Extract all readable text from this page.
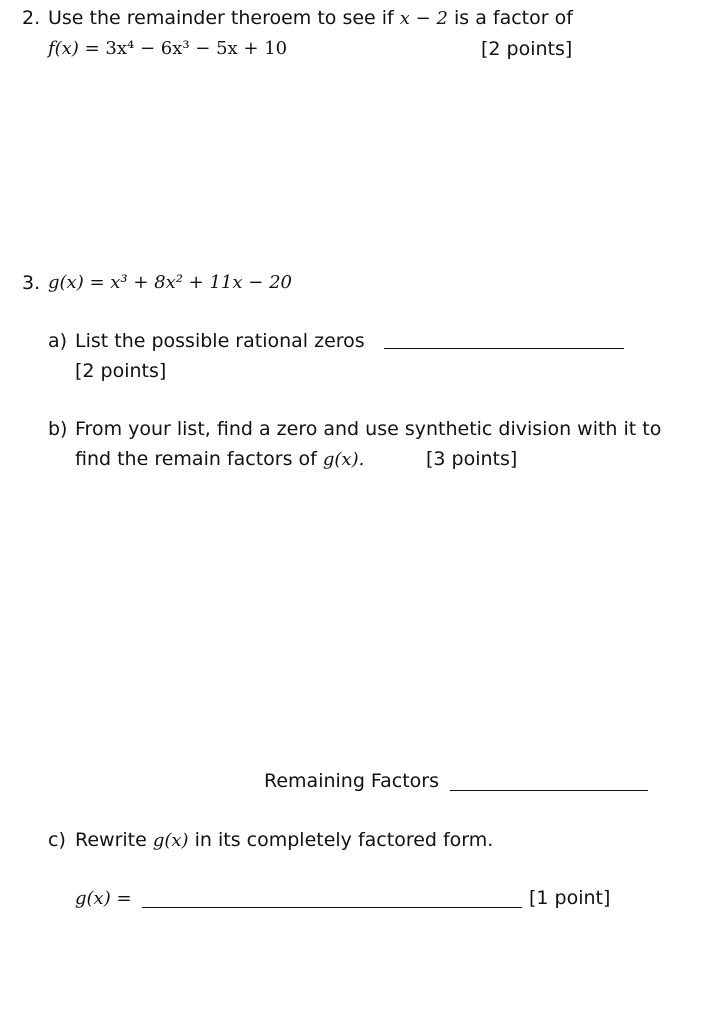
2. Use the remainder theroem to see if x − 2 is a factor of
f(x) = 3x⁴ − 6x³ − 5x + 10	[2 points]
3. g(x) = x³ + 8x² + 11x − 20
a) List the possible rational zeros
[2 points]
b) From your list, find a zero and use synthetic division with it to
find the remain factors of g(x).	[3 points]
Remaining Factors
c) Rewrite g(x) in its completely factored form.
g(x) =	[1 point]
